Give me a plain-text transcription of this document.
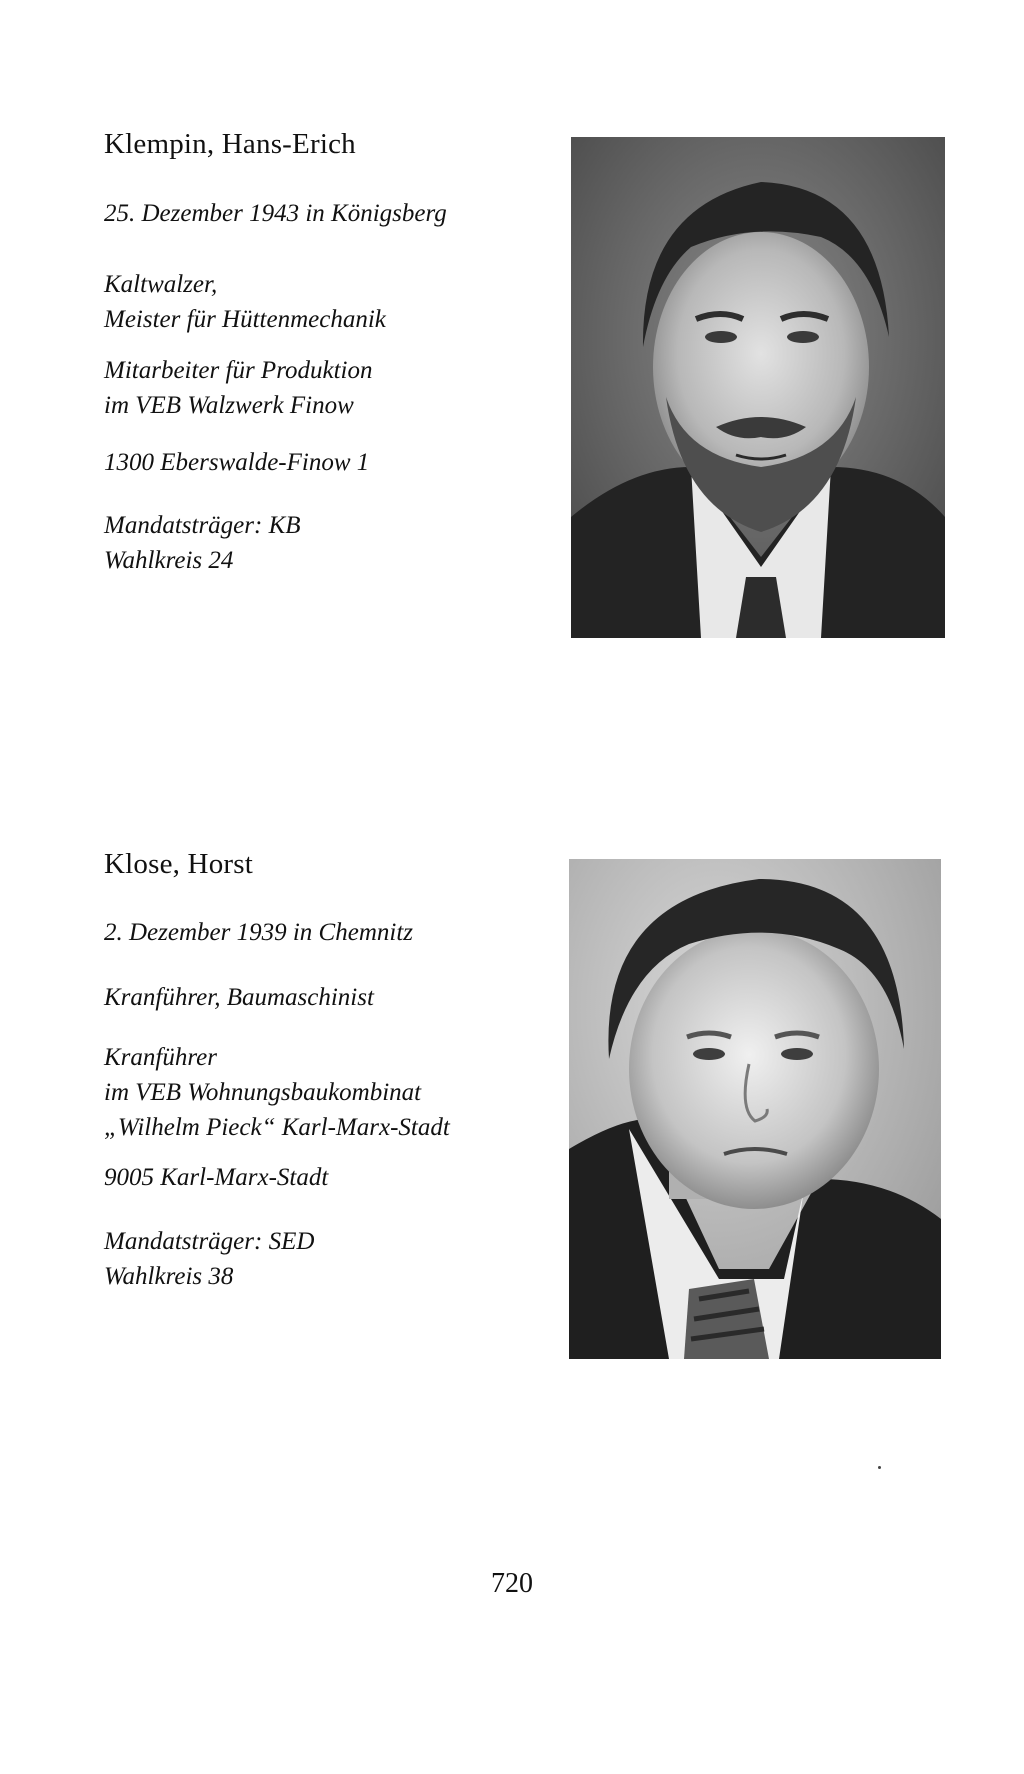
Klempin, Hans-Erich

25. Dezember 1943 in Königsberg

Kaltwalzer,
Meister für Hüttenmechanik

Mitarbeiter für Produktion
im VEB Walzwerk Finow

1300 Eberswalde-Finow 1

Mandatsträger: KB
Wahlkreis 24

Klose, Horst

2. Dezember 1939 in Chemnitz

Kranführer, Baumaschinist

Kranführer
im VEB Wohnungsbaukombinat
„Wilhelm Pieck“ Karl-Marx-Stadt

9005 Karl-Marx-Stadt

Mandatsträger: SED
Wahlkreis 38

720
